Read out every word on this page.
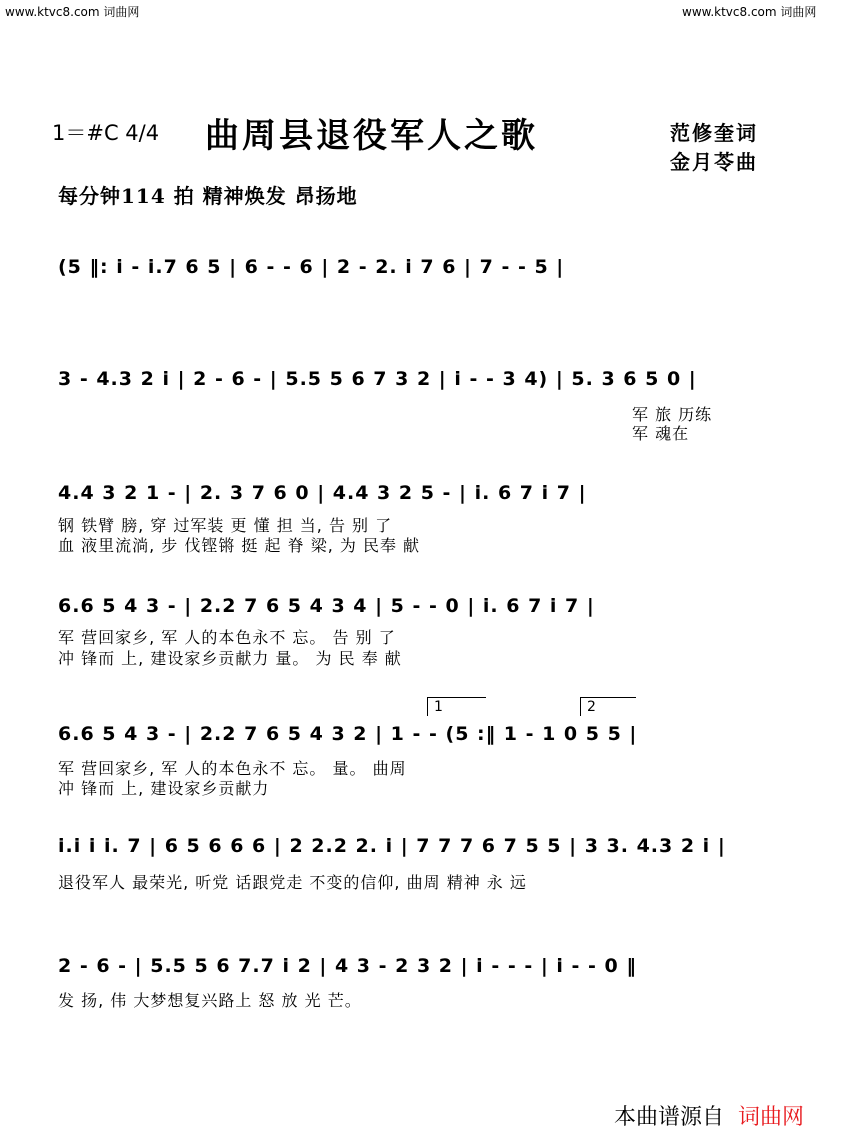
www.ktvc8.com 词曲网	www.ktvc8.com 词曲网
1＝#C 4/4 曲周县退役军人之歌	范修奎词
金月苓曲
每分钟114 拍 精神焕发 昂扬地
(5 ‖: i - i.7 6 5 | 6 - - 6 | 2 - 2. i 7 6 | 7 - - 5 |
3 - 4.3 2 i | 2 - 6 - | 5.5 5 6 7 3 2 | i - - 3 4) | 5. 3 6 5 0 |
军 旅 历练
军 魂在
4.4 3 2 1 - | 2. 3 7 6 0 | 4.4 3 2 5 - | i. 6 7 i 7 |
钢 铁臂 膀, 穿 过军装 更 懂 担 当, 告 别 了
血 液里流淌, 步 伐铿锵 挺 起 脊 梁, 为 民奉 献
6.6 5 4 3 - | 2.2 7 6 5 4 3 4 | 5 - - 0 | i. 6 7 i 7 |
军 营回家乡, 军 人的本色永不 忘。 告 别 了
冲 锋而 上, 建设家乡贡献力 量。 为 民 奉 献
1	2
6.6 5 4 3 - | 2.2 7 6 5 4 3 2 | 1 - - (5 :‖ 1 - 1 0 5 5 |
军 营回家乡, 军 人的本色永不 忘。 量。 曲周
冲 锋而 上, 建设家乡贡献力
i.i i i. 7 | 6 5 6 6 6 | 2 2.2 2. i | 7 7 7 6 7 5 5 | 3 3. 4.3 2 i |
退役军人 最荣光, 听党 话跟党走 不变的信仰, 曲周 精神 永 远
2 - 6 - | 5.5 5 6 7.7 i 2 | 4 3 - 2 3 2 | i - - - | i - - 0 ‖
发 扬, 伟 大梦想复兴路上 怒 放 光 芒。
本曲谱源自 词曲网
